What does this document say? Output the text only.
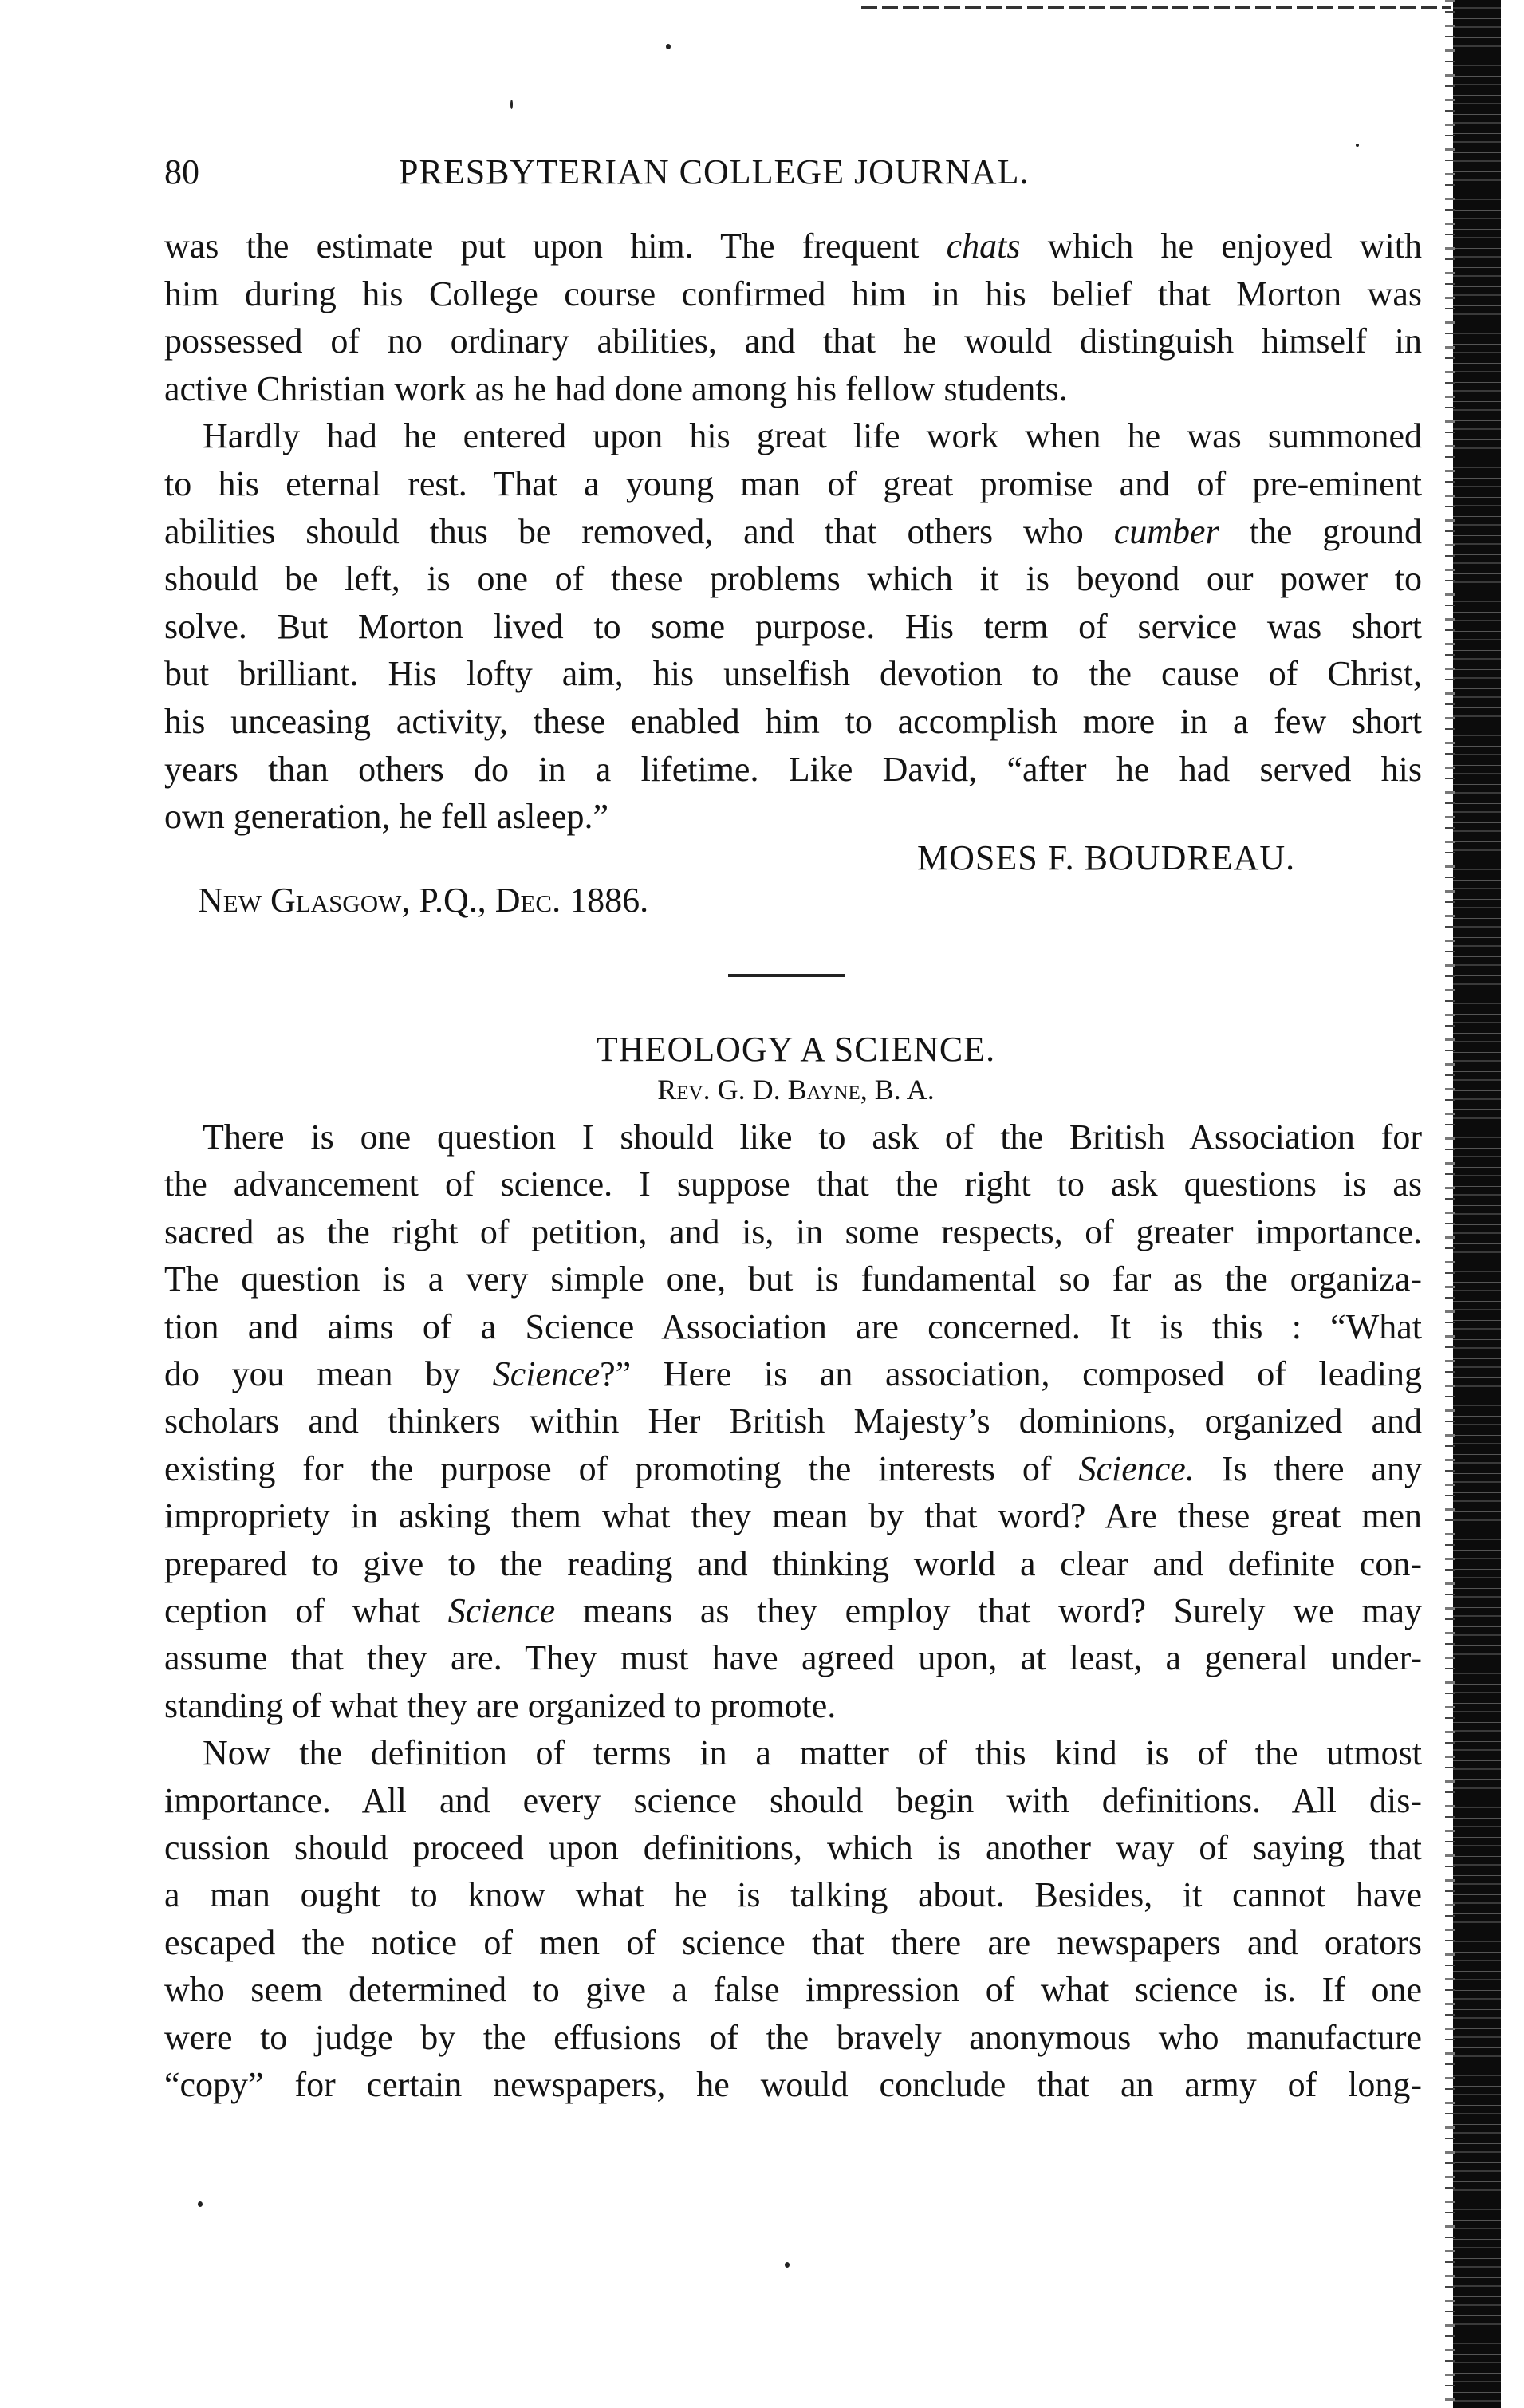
80	PRESBYTERIAN COLLEGE JOURNAL.
was the estimate put upon him. The frequent chats which he enjoyed with
him during his College course confirmed him in his belief that Morton was
possessed of no ordinary abilities, and that he would distinguish himself in
active Christian work as he had done among his fellow students.
Hardly had he entered upon his great life work when he was summoned
to his eternal rest. That a young man of great promise and of pre-eminent
abilities should thus be removed, and that others who cumber the ground
should be left, is one of these problems which it is beyond our power to
solve. But Morton lived to some purpose. His term of service was short
but brilliant. His lofty aim, his unselfish devotion to the cause of Christ,
his unceasing activity, these enabled him to accomplish more in a few short
years than others do in a lifetime. Like David, “after he had served his
own generation, he fell asleep.”
MOSES F. BOUDREAU.
New Glasgow, P.Q., Dec. 1886.
THEOLOGY A SCIENCE.
Rev. G. D. Bayne, B. A.
There is one question I should like to ask of the British Association for
the advancement of science. I suppose that the right to ask questions is as
sacred as the right of petition, and is, in some respects, of greater importance.
The question is a very simple one, but is fundamental so far as the organiza-
tion and aims of a Science Association are concerned. It is this : “What
do you mean by Science?” Here is an association, composed of leading
scholars and thinkers within Her British Majesty’s dominions, organized and
existing for the purpose of promoting the interests of Science. Is there any
impropriety in asking them what they mean by that word? Are these great men
prepared to give to the reading and thinking world a clear and definite con-
ception of what Science means as they employ that word? Surely we may
assume that they are. They must have agreed upon, at least, a general under-
standing of what they are organized to promote.
Now the definition of terms in a matter of this kind is of the utmost
importance. All and every science should begin with definitions. All dis-
cussion should proceed upon definitions, which is another way of saying that
a man ought to know what he is talking about. Besides, it cannot have
escaped the notice of men of science that there are newspapers and orators
who seem determined to give a false impression of what science is. If one
were to judge by the effusions of the bravely anonymous who manufacture
“copy” for certain newspapers, he would conclude that an army of long-
